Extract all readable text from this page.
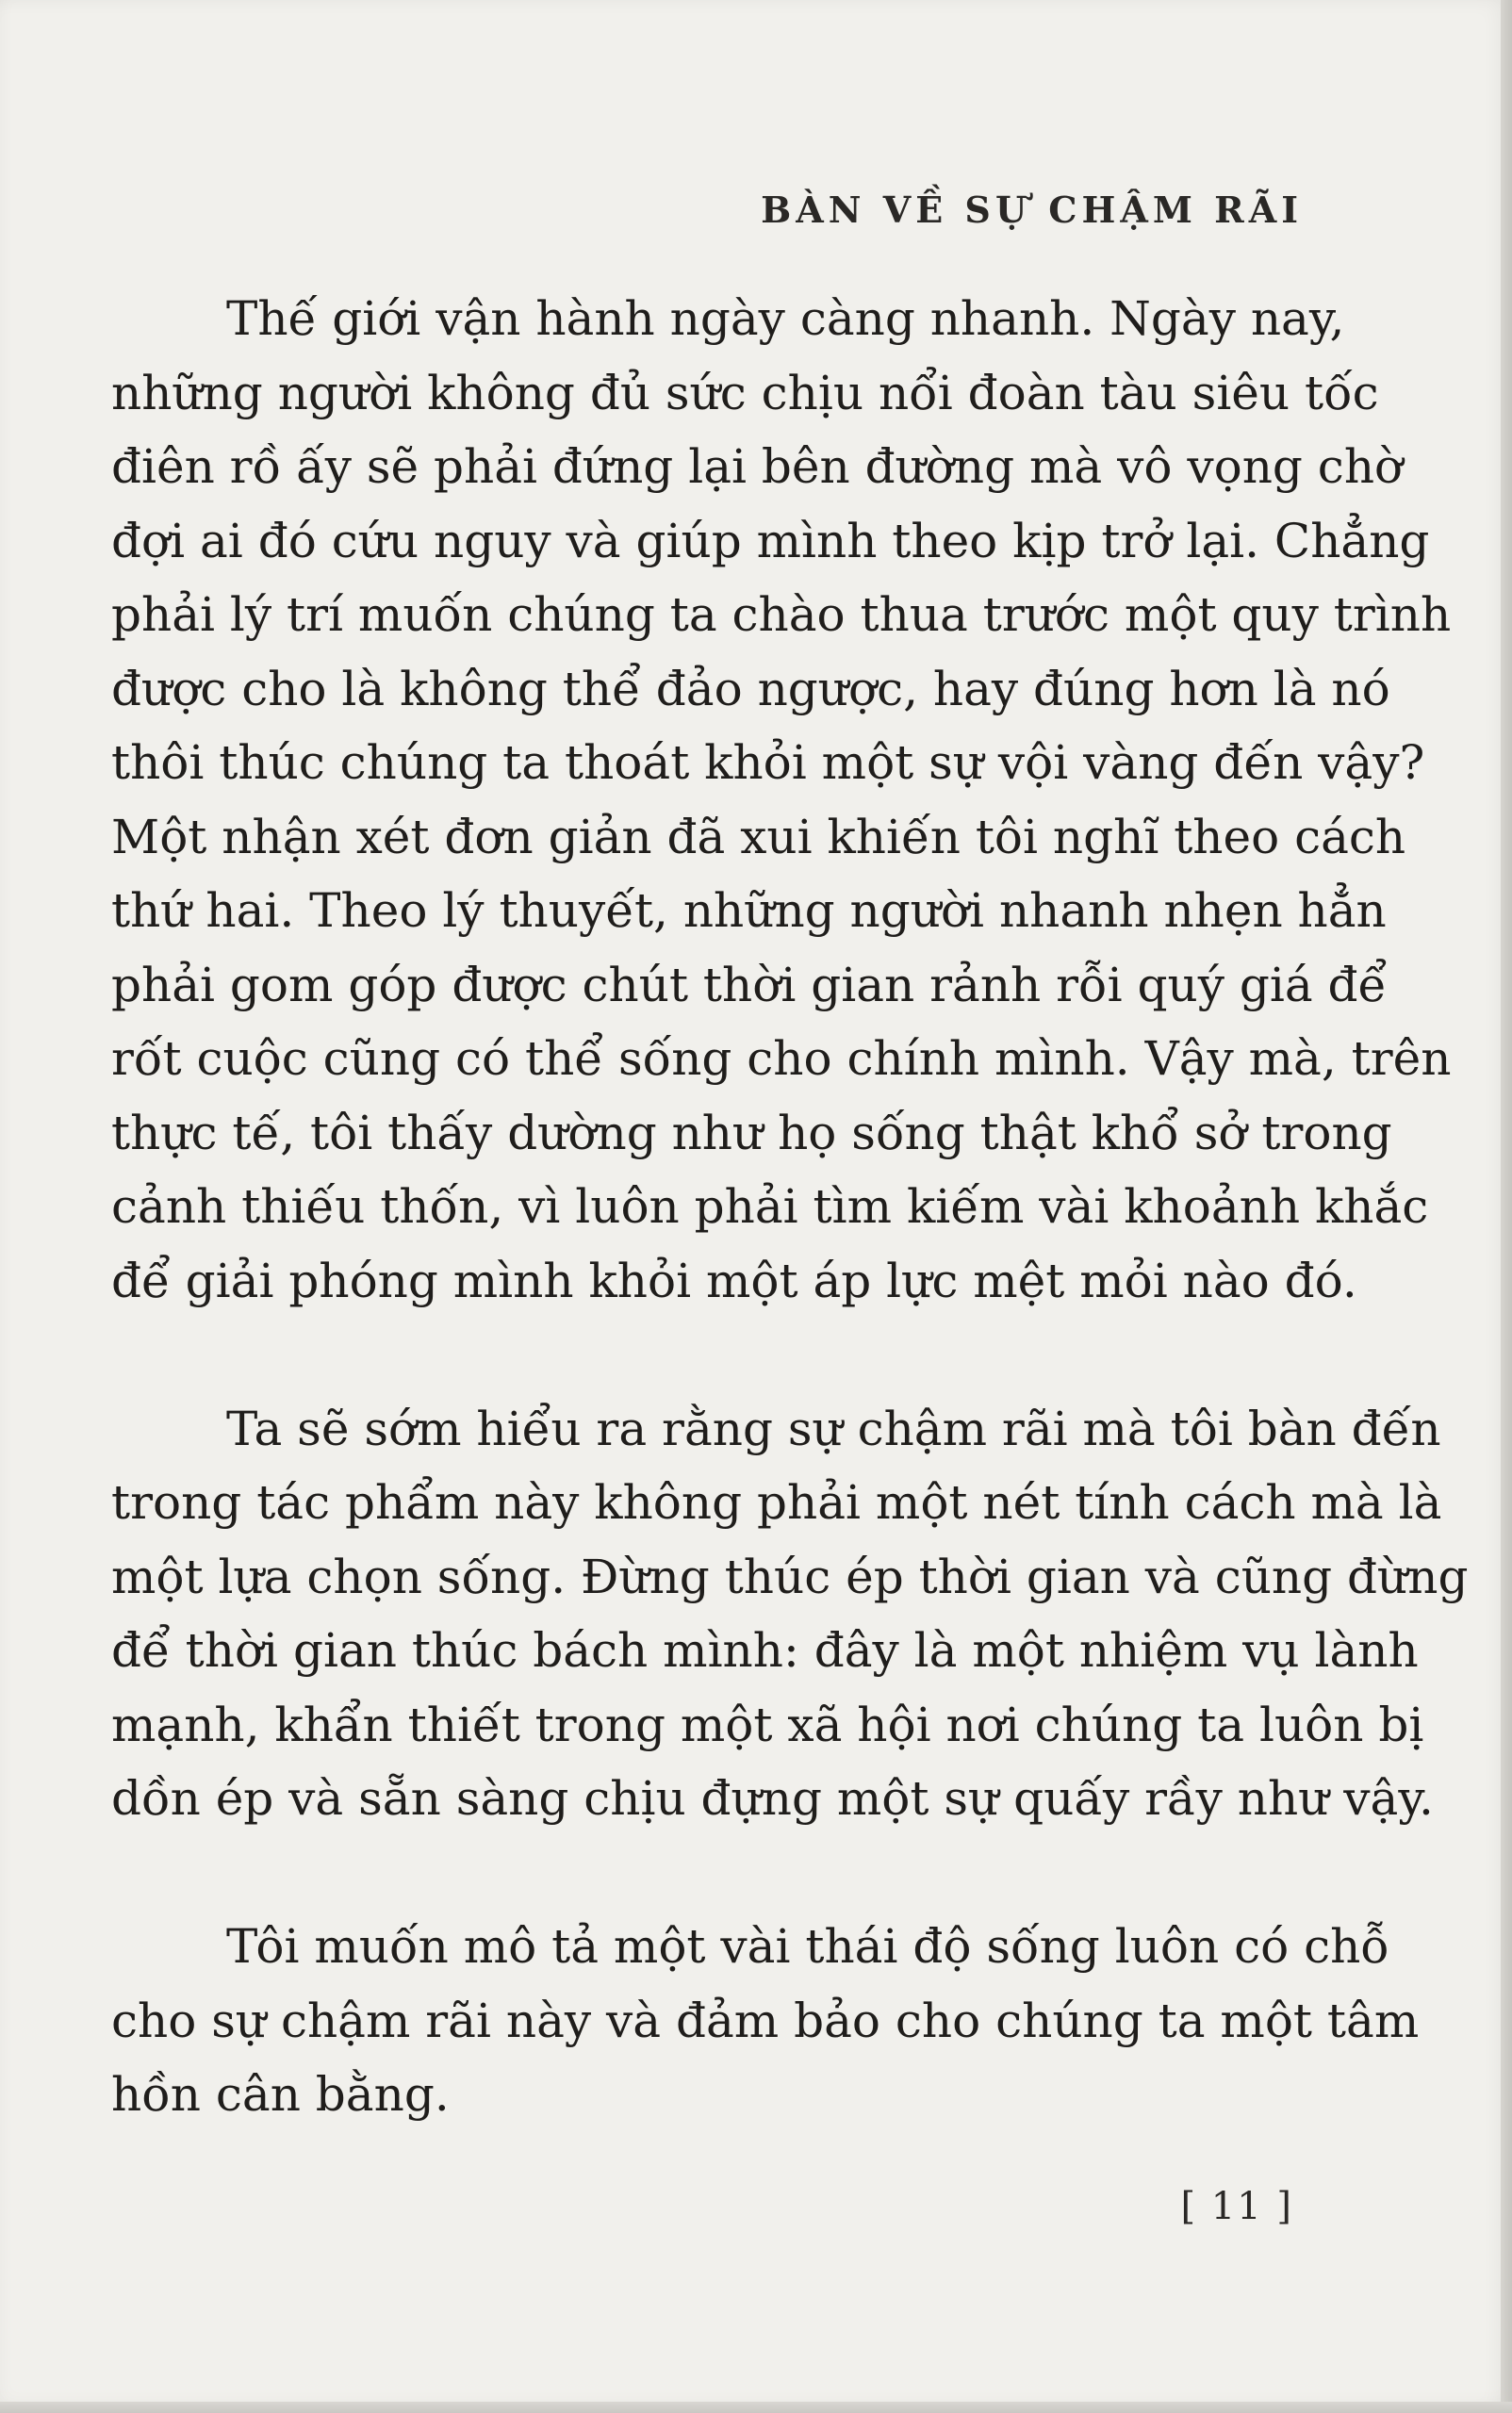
BÀN VỀ SỰ CHẬM RÃI

Thế giới vận hành ngày càng nhanh. Ngày nay,
những người không đủ sức chịu nổi đoàn tàu siêu tốc
điên rồ ấy sẽ phải đứng lại bên đường mà vô vọng chờ
đợi ai đó cứu nguy và giúp mình theo kịp trở lại. Chẳng
phải lý trí muốn chúng ta chào thua trước một quy trình
được cho là không thể đảo ngược, hay đúng hơn là nó
thôi thúc chúng ta thoát khỏi một sự vội vàng đến vậy?
Một nhận xét đơn giản đã xui khiến tôi nghĩ theo cách
thứ hai. Theo lý thuyết, những người nhanh nhẹn hẳn
phải gom góp được chút thời gian rảnh rỗi quý giá để
rốt cuộc cũng có thể sống cho chính mình. Vậy mà, trên
thực tế, tôi thấy dường như họ sống thật khổ sở trong
cảnh thiếu thốn, vì luôn phải tìm kiếm vài khoảnh khắc
để giải phóng mình khỏi một áp lực mệt mỏi nào đó.

Ta sẽ sớm hiểu ra rằng sự chậm rãi mà tôi bàn đến
trong tác phẩm này không phải một nét tính cách mà là
một lựa chọn sống. Đừng thúc ép thời gian và cũng đừng
để thời gian thúc bách mình: đây là một nhiệm vụ lành
mạnh, khẩn thiết trong một xã hội nơi chúng ta luôn bị
dồn ép và sẵn sàng chịu đựng một sự quấy rầy như vậy.

Tôi muốn mô tả một vài thái độ sống luôn có chỗ
cho sự chậm rãi này và đảm bảo cho chúng ta một tâm
hồn cân bằng.

[ 11 ]
